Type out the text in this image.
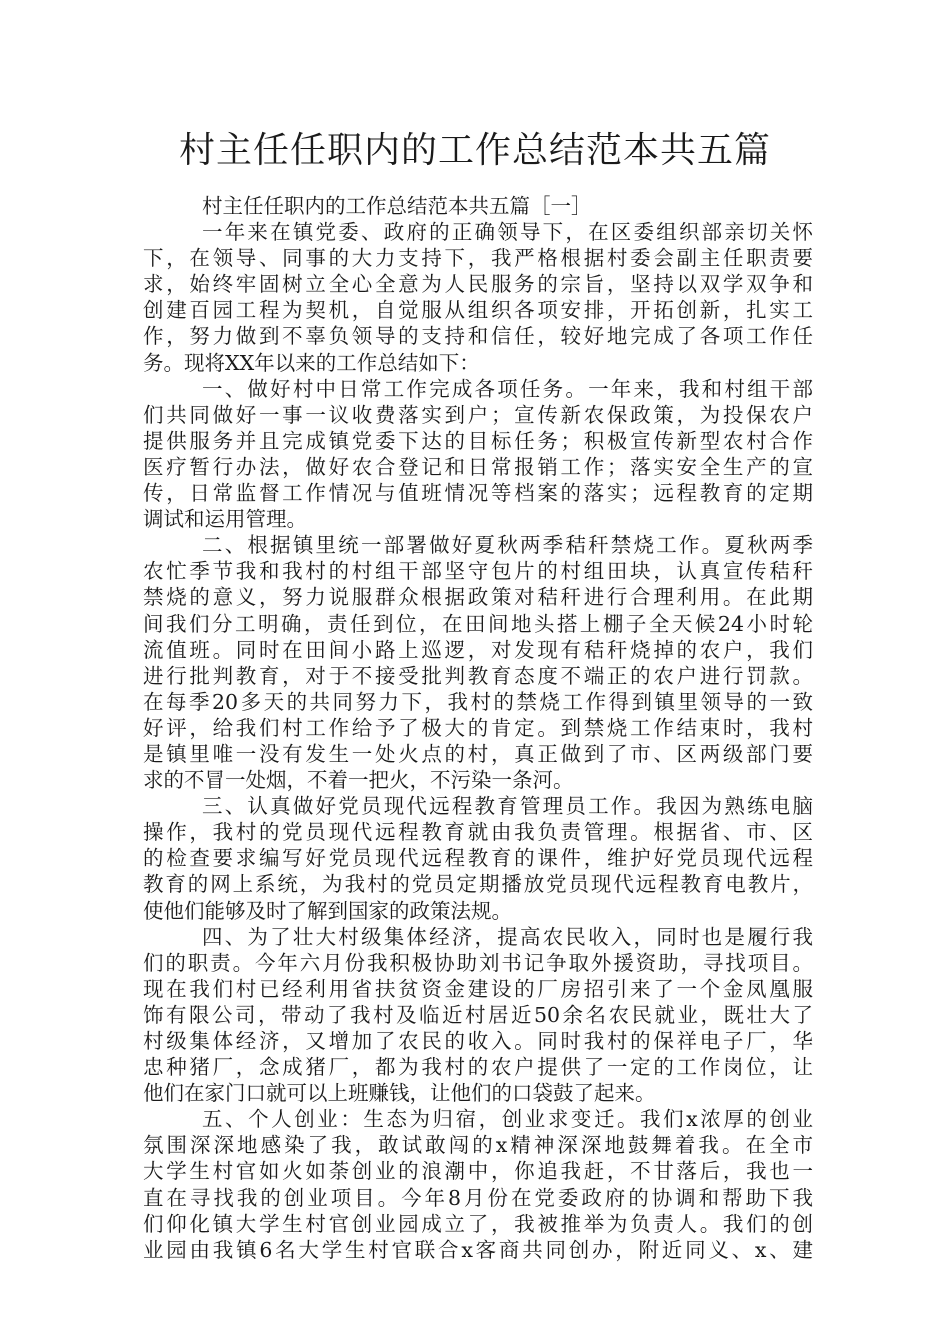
村主任任职内的工作总结范本共五篇
村主任任职内的工作总结范本共五篇［一］
一年来在镇党委、政府的正确领导下，在区委组织部亲切关怀
下，在领导、同事的大力支持下，我严格根据村委会副主任职责要
求，始终牢固树立全心全意为人民服务的宗旨，坚持以双学双争和
创建百园工程为契机，自觉服从组织各项安排，开拓创新，扎实工
作，努力做到不辜负领导的支持和信任，较好地完成了各项工作任
务。现将XX年以来的工作总结如下：
一、做好村中日常工作完成各项任务。一年来，我和村组干部
们共同做好一事一议收费落实到户；宣传新农保政策，为投保农户
提供服务并且完成镇党委下达的目标任务；积极宣传新型农村合作
医疗暂行办法，做好农合登记和日常报销工作；落实安全生产的宣
传，日常监督工作情况与值班情况等档案的落实；远程教育的定期
调试和运用管理。
二、根据镇里统一部署做好夏秋两季秸秆禁烧工作。夏秋两季
农忙季节我和我村的村组干部坚守包片的村组田块，认真宣传秸秆
禁烧的意义，努力说服群众根据政策对秸秆进行合理利用。在此期
间我们分工明确，责任到位，在田间地头搭上棚子全天候24小时轮
流值班。同时在田间小路上巡逻，对发现有秸秆烧掉的农户，我们
进行批判教育，对于不接受批判教育态度不端正的农户进行罚款。
在每季20多天的共同努力下，我村的禁烧工作得到镇里领导的一致
好评，给我们村工作给予了极大的肯定。到禁烧工作结束时，我村
是镇里唯一没有发生一处火点的村，真正做到了市、区两级部门要
求的不冒一处烟，不着一把火，不污染一条河。
三、认真做好党员现代远程教育管理员工作。我因为熟练电脑
操作，我村的党员现代远程教育就由我负责管理。根据省、市、区
的检查要求编写好党员现代远程教育的课件，维护好党员现代远程
教育的网上系统，为我村的党员定期播放党员现代远程教育电教片，
使他们能够及时了解到国家的政策法规。
四、为了壮大村级集体经济，提高农民收入，同时也是履行我
们的职责。今年六月份我积极协助刘书记争取外援资助，寻找项目。
现在我们村已经利用省扶贫资金建设的厂房招引来了一个金凤凰服
饰有限公司，带动了我村及临近村居近50余名农民就业，既壮大了
村级集体经济，又增加了农民的收入。同时我村的保祥电子厂，华
忠种猪厂，念成猪厂，都为我村的农户提供了一定的工作岗位，让
他们在家门口就可以上班赚钱，让他们的口袋鼓了起来。
五、个人创业：生态为归宿，创业求变迁。我们x浓厚的创业
氛围深深地感染了我，敢试敢闯的x精神深深地鼓舞着我。在全市
大学生村官如火如荼创业的浪潮中，你追我赶，不甘落后，我也一
直在寻找我的创业项目。今年8月份在党委政府的协调和帮助下我
们仰化镇大学生村官创业园成立了，我被推举为负责人。我们的创
业园由我镇6名大学生村官联合x客商共同创办，附近同义、x、建
